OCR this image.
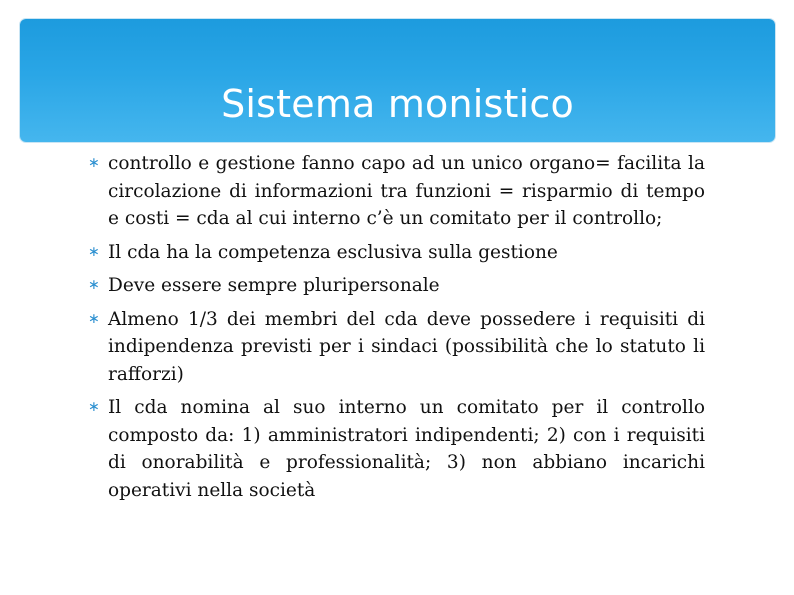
Sistema monistico
∗ controllo e gestione fanno capo ad un unico organo= facilita la circolazione di informazioni tra funzioni = risparmio di tempo e costi = cda al cui interno c’è un comitato per il controllo;
∗ Il cda ha la competenza esclusiva sulla gestione
∗ Deve essere sempre pluripersonale
∗ Almeno 1/3 dei membri del cda deve possedere i requisiti di indipendenza previsti per i sindaci (possibilità che lo statuto li rafforzi)
∗ Il cda nomina al suo interno un comitato per il controllo composto da: 1) amministratori indipendenti; 2) con i requisiti di onorabilità e professionalità; 3) non abbiano incarichi operativi nella società
